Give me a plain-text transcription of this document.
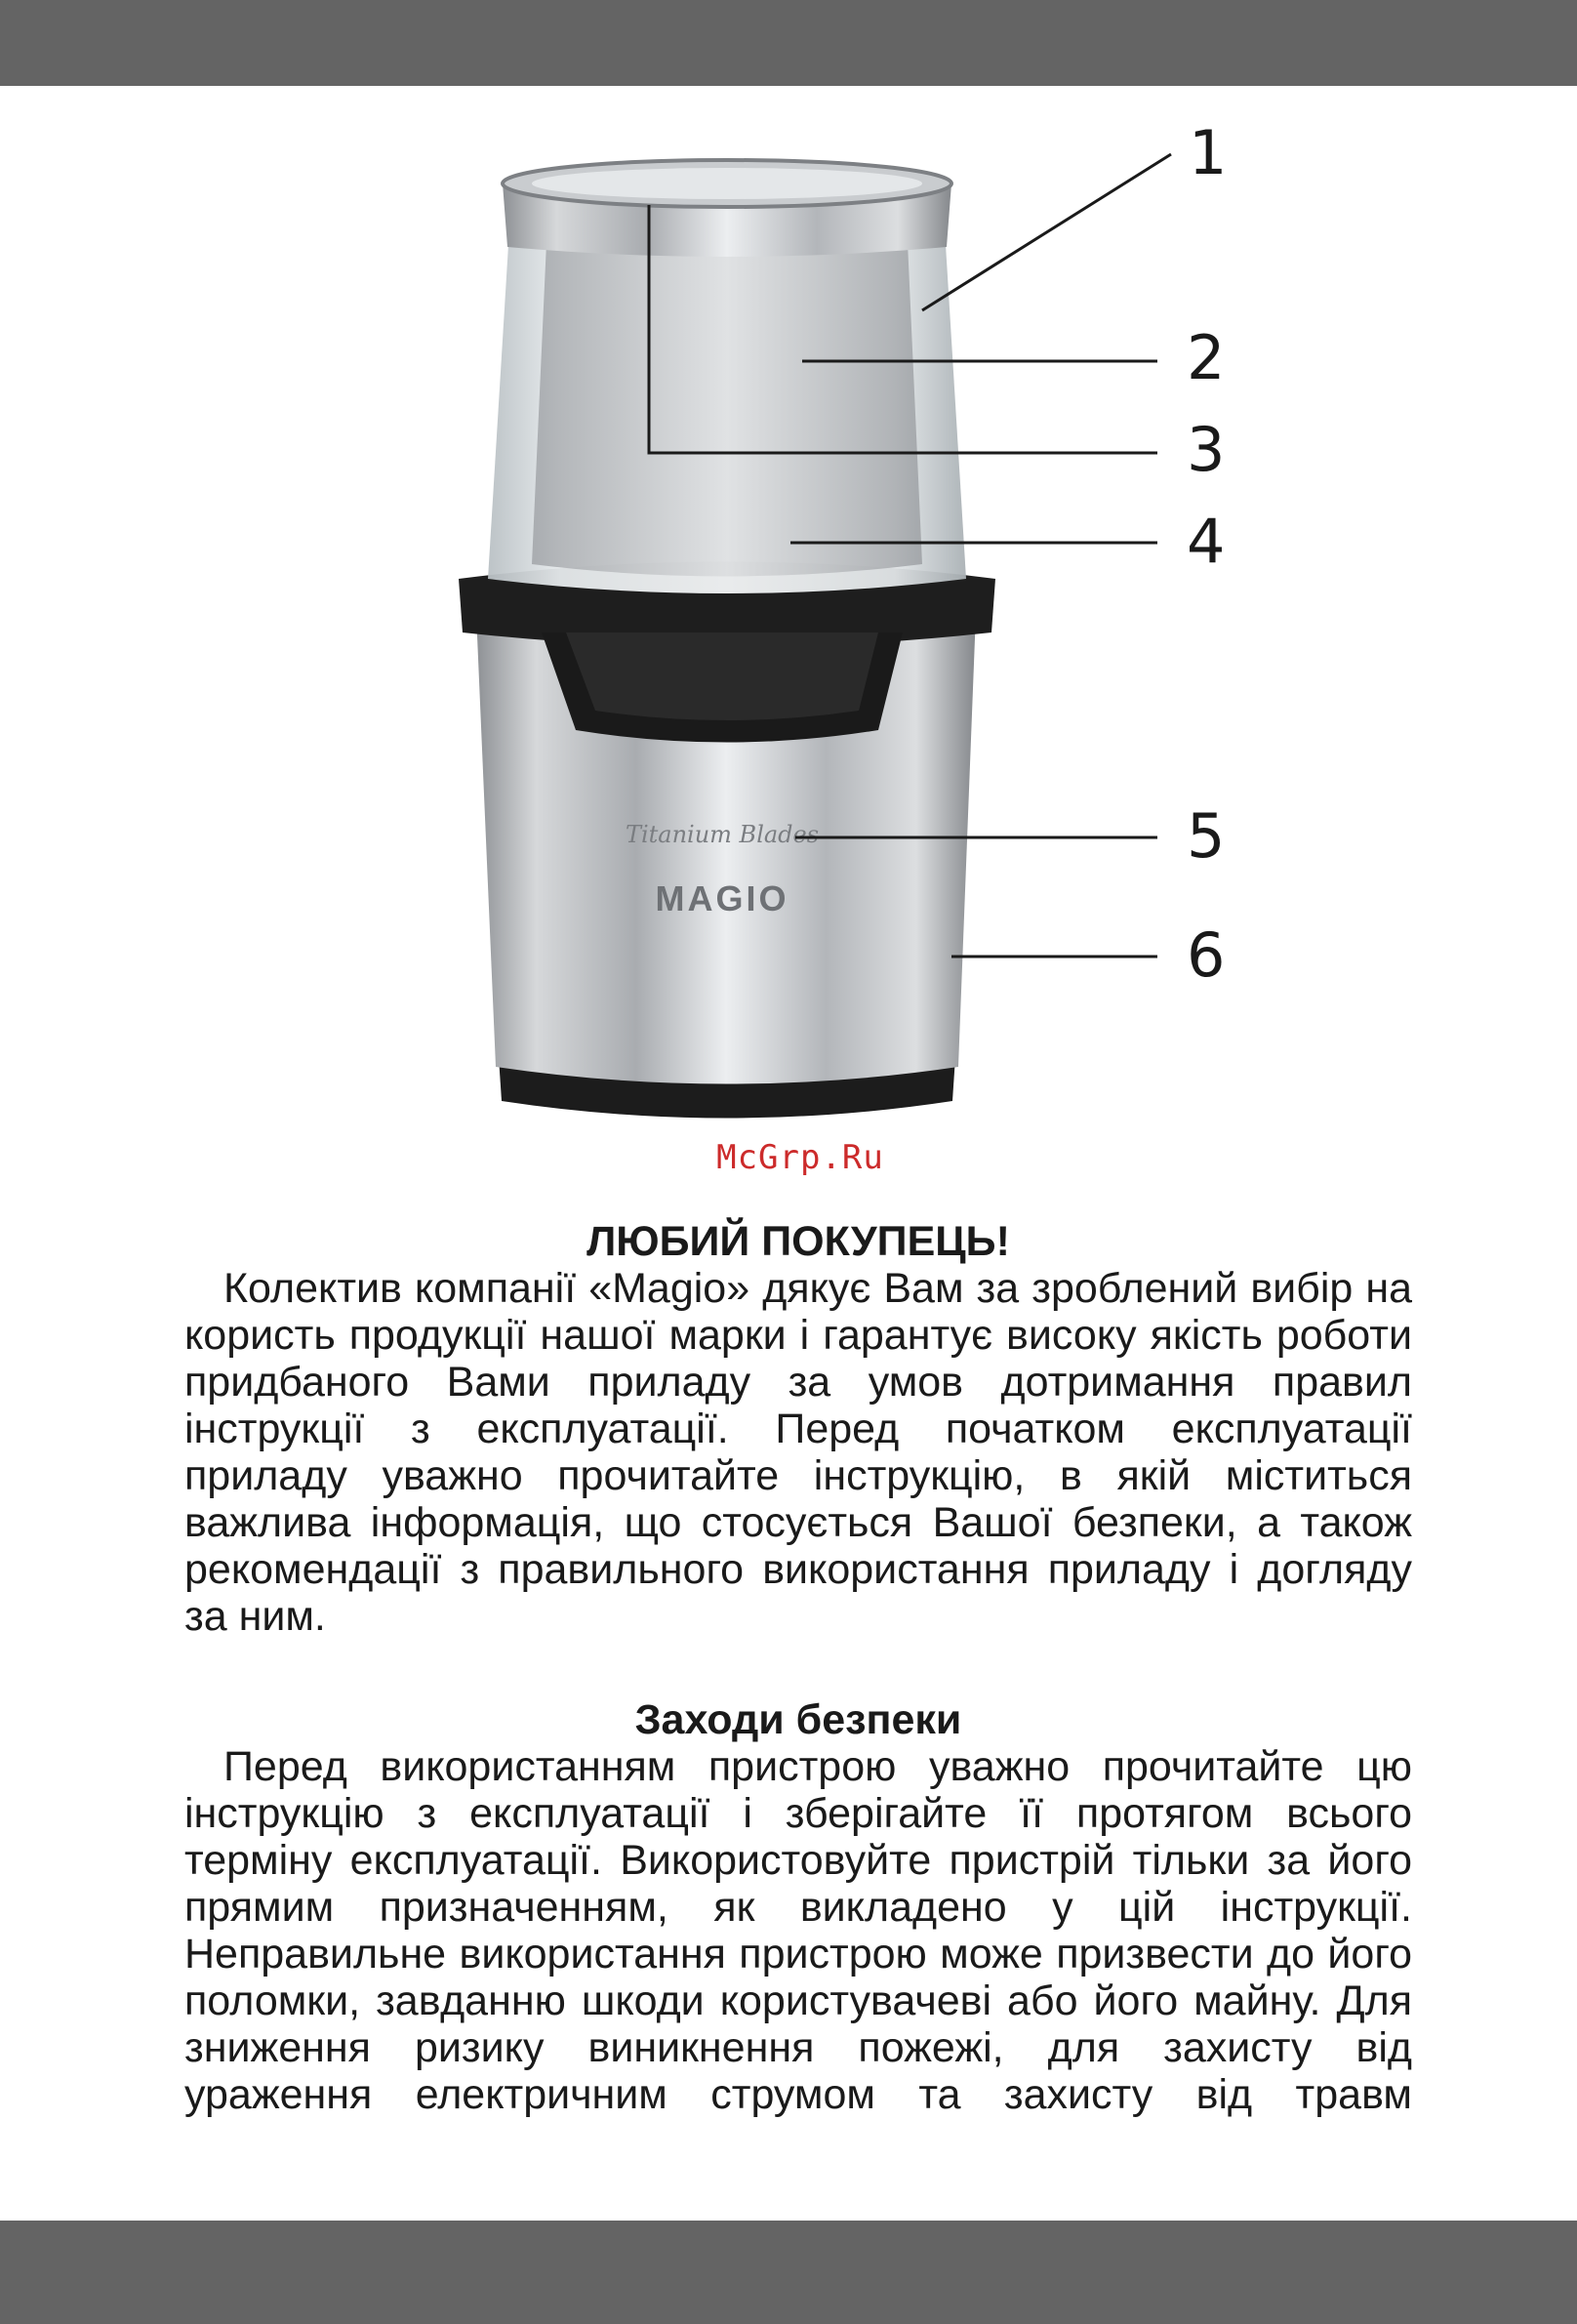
Titanium Blades
MAGIO
1
2
3
4
5
6
McGrp.Ru
ЛЮБИЙ ПОКУПЕЦЬ!

Колектив компанії «Magio» дякує Вам за зроблений вибір на користь продукції нашої марки і гарантує високу якість роботи придбаного Вами приладу за умов дотримання правил інструкції з експлуатації. Перед початком експлуатації приладу уважно прочитайте інструкцію, в якій міститься важлива інформація, що стосується Вашої безпеки, а також рекомендації з правильного використання приладу і догляду за ним.

Заходи безпеки

Перед використанням пристрою уважно прочитайте цю інструкцію з експлуатації і зберігайте її протягом всього терміну експлуатації. Використовуйте пристрій тільки за його прямим призначенням, як викладено у цій інструкції. Неправильне використання пристрою може призвести до його поломки, завданню шкоди користувачеві або його майну. Для зниження ризику виникнення пожежі, для захисту від ураження електричним струмом та захисту від травм
